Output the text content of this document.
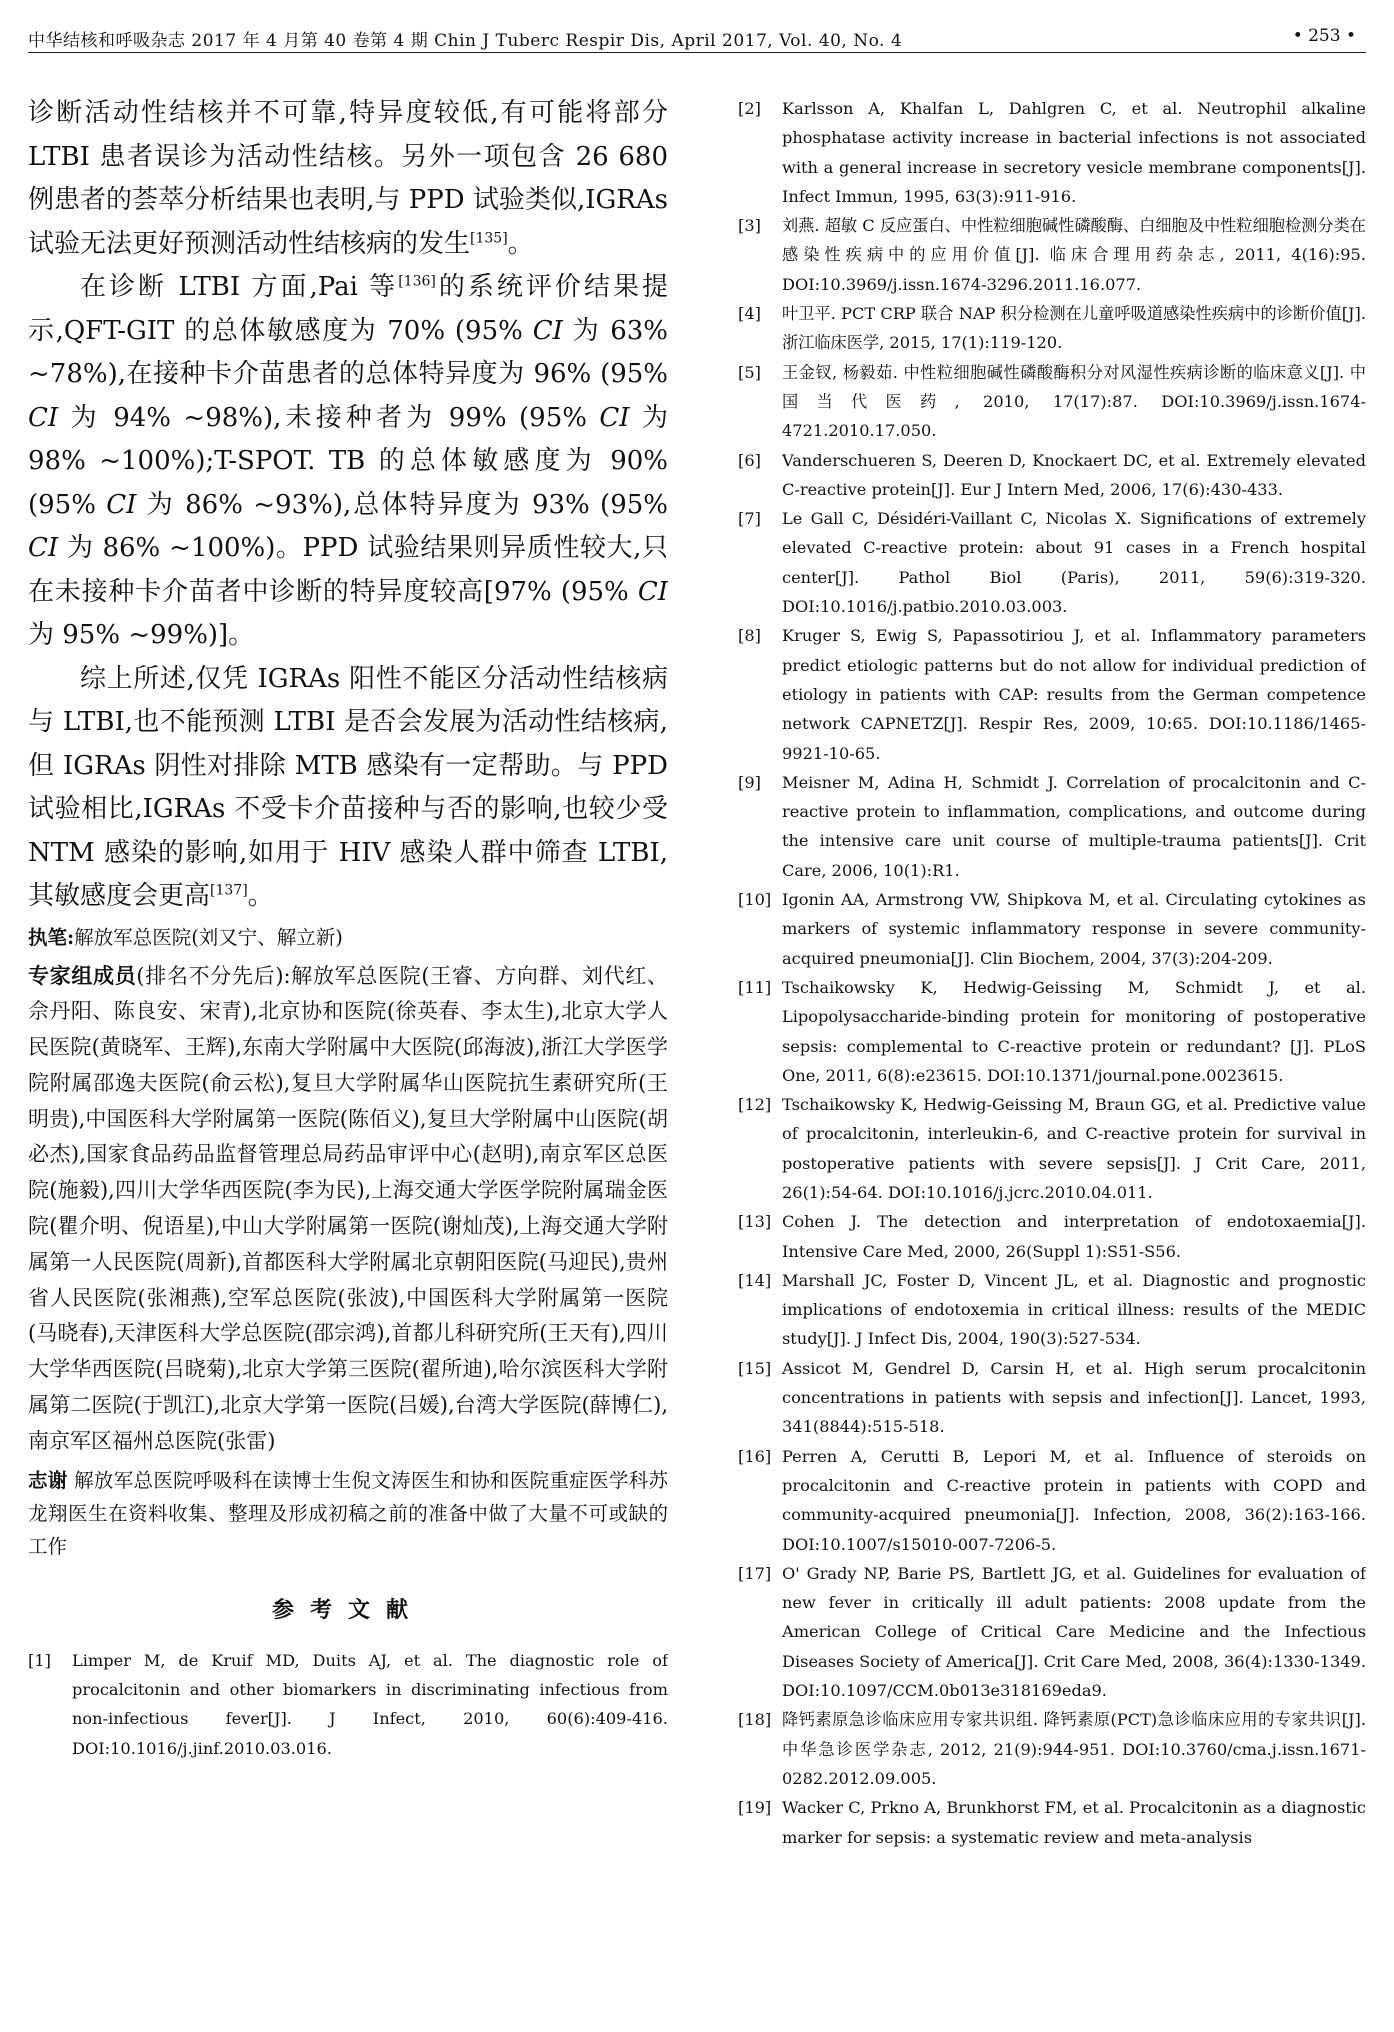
中华结核和呼吸杂志 2017 年 4 月第 40 卷第 4 期 Chin J Tuberc Respir Dis, April 2017, Vol. 40, No. 4	• 253 •

诊断活动性结核并不可靠,特异度较低,有可能将部分 LTBI 患者误诊为活动性结核。另外一项包含 26 680 例患者的荟萃分析结果也表明,与 PPD 试验类似,IGRAs 试验无法更好预测活动性结核病的发生[135]。

在诊断 LTBI 方面,Pai 等[136]的系统评价结果提示,QFT-GIT 的总体敏感度为 70% (95% CI 为 63% ~78%),在接种卡介苗患者的总体特异度为 96% (95% CI 为 94% ~98%),未接种者为 99% (95% CI 为 98% ~100%);T-SPOT. TB 的总体敏感度为 90% (95% CI 为 86% ~93%),总体特异度为 93% (95% CI 为 86% ~100%)。PPD 试验结果则异质性较大,只在未接种卡介苗者中诊断的特异度较高[97% (95% CI 为 95% ~99%)]。

综上所述,仅凭 IGRAs 阳性不能区分活动性结核病与 LTBI,也不能预测 LTBI 是否会发展为活动性结核病,但 IGRAs 阴性对排除 MTB 感染有一定帮助。与 PPD 试验相比,IGRAs 不受卡介苗接种与否的影响,也较少受 NTM 感染的影响,如用于 HIV 感染人群中筛查 LTBI,其敏感度会更高[137]。

执笔:解放军总医院(刘又宁、解立新)

专家组成员(排名不分先后):解放军总医院(王睿、方向群、刘代红、佘丹阳、陈良安、宋青),北京协和医院(徐英春、李太生),北京大学人民医院(黄晓军、王辉),东南大学附属中大医院(邱海波),浙江大学医学院附属邵逸夫医院(俞云松),复旦大学附属华山医院抗生素研究所(王明贵),中国医科大学附属第一医院(陈佰义),复旦大学附属中山医院(胡必杰),国家食品药品监督管理总局药品审评中心(赵明),南京军区总医院(施毅),四川大学华西医院(李为民),上海交通大学医学院附属瑞金医院(瞿介明、倪语星),中山大学附属第一医院(谢灿茂),上海交通大学附属第一人民医院(周新),首都医科大学附属北京朝阳医院(马迎民),贵州省人民医院(张湘燕),空军总医院(张波),中国医科大学附属第一医院(马晓春),天津医科大学总医院(邵宗鸿),首都儿科研究所(王天有),四川大学华西医院(吕晓菊),北京大学第三医院(翟所迪),哈尔滨医科大学附属第二医院(于凯江),北京大学第一医院(吕媛),台湾大学医院(薛博仁),南京军区福州总医院(张雷)

志谢 解放军总医院呼吸科在读博士生倪文涛医生和协和医院重症医学科苏龙翔医生在资料收集、整理及形成初稿之前的准备中做了大量不可或缺的工作

参考文献
[1]	Limper M, de Kruif MD, Duits AJ, et al. The diagnostic role of procalcitonin and other biomarkers in discriminating infectious from non-infectious fever[J]. J Infect, 2010, 60(6):409-416. DOI:10.1016/j.jinf.2010.03.016.
[2]	Karlsson A, Khalfan L, Dahlgren C, et al. Neutrophil alkaline phosphatase activity increase in bacterial infections is not associated with a general increase in secretory vesicle membrane components[J]. Infect Immun, 1995, 63(3):911-916.
[3]	刘燕. 超敏 C 反应蛋白、中性粒细胞碱性磷酸酶、白细胞及中性粒细胞检测分类在感染性疾病中的应用价值[J]. 临床合理用药杂志, 2011, 4(16):95. DOI:10.3969/j.issn.1674-3296.2011.16.077.
[4]	叶卫平. PCT CRP 联合 NAP 积分检测在儿童呼吸道感染性疾病中的诊断价值[J]. 浙江临床医学, 2015, 17(1):119-120.
[5]	王金钗, 杨毅茹. 中性粒细胞碱性磷酸酶积分对风湿性疾病诊断的临床意义[J]. 中国当代医药, 2010, 17(17):87. DOI:10.3969/j.issn.1674-4721.2010.17.050.
[6]	Vanderschueren S, Deeren D, Knockaert DC, et al. Extremely elevated C-reactive protein[J]. Eur J Intern Med, 2006, 17(6):430-433.
[7]	Le Gall C, Désidéri-Vaillant C, Nicolas X. Significations of extremely elevated C-reactive protein: about 91 cases in a French hospital center[J]. Pathol Biol (Paris), 2011, 59(6):319-320. DOI:10.1016/j.patbio.2010.03.003.
[8]	Kruger S, Ewig S, Papassotiriou J, et al. Inflammatory parameters predict etiologic patterns but do not allow for individual prediction of etiology in patients with CAP: results from the German competence network CAPNETZ[J]. Respir Res, 2009, 10:65. DOI:10.1186/1465-9921-10-65.
[9]	Meisner M, Adina H, Schmidt J. Correlation of procalcitonin and C-reactive protein to inflammation, complications, and outcome during the intensive care unit course of multiple-trauma patients[J]. Crit Care, 2006, 10(1):R1.
[10] Igonin AA, Armstrong VW, Shipkova M, et al. Circulating cytokines as markers of systemic inflammatory response in severe community-acquired pneumonia[J]. Clin Biochem, 2004, 37(3):204-209.
[11] Tschaikowsky K, Hedwig-Geissing M, Schmidt J, et al. Lipopolysaccharide-binding protein for monitoring of postoperative sepsis: complemental to C-reactive protein or redundant? [J]. PLoS One, 2011, 6(8):e23615. DOI:10.1371/journal.pone.0023615.
[12] Tschaikowsky K, Hedwig-Geissing M, Braun GG, et al. Predictive value of procalcitonin, interleukin-6, and C-reactive protein for survival in postoperative patients with severe sepsis[J]. J Crit Care, 2011, 26(1):54-64. DOI:10.1016/j.jcrc.2010.04.011.
[13] Cohen J. The detection and interpretation of endotoxaemia[J]. Intensive Care Med, 2000, 26(Suppl 1):S51-S56.
[14] Marshall JC, Foster D, Vincent JL, et al. Diagnostic and prognostic implications of endotoxemia in critical illness: results of the MEDIC study[J]. J Infect Dis, 2004, 190(3):527-534.
[15] Assicot M, Gendrel D, Carsin H, et al. High serum procalcitonin concentrations in patients with sepsis and infection[J]. Lancet, 1993, 341(8844):515-518.
[16] Perren A, Cerutti B, Lepori M, et al. Influence of steroids on procalcitonin and C-reactive protein in patients with COPD and community-acquired pneumonia[J]. Infection, 2008, 36(2):163-166. DOI:10.1007/s15010-007-7206-5.
[17] O' Grady NP, Barie PS, Bartlett JG, et al. Guidelines for evaluation of new fever in critically ill adult patients: 2008 update from the American College of Critical Care Medicine and the Infectious Diseases Society of America[J]. Crit Care Med, 2008, 36(4):1330-1349. DOI:10.1097/CCM.0b013e318169eda9.
[18] 降钙素原急诊临床应用专家共识组. 降钙素原(PCT)急诊临床应用的专家共识[J]. 中华急诊医学杂志, 2012, 21(9):944-951. DOI:10.3760/cma.j.issn.1671-0282.2012.09.005.
[19] Wacker C, Prkno A, Brunkhorst FM, et al. Procalcitonin as a diagnostic marker for sepsis: a systematic review and meta-analysis
